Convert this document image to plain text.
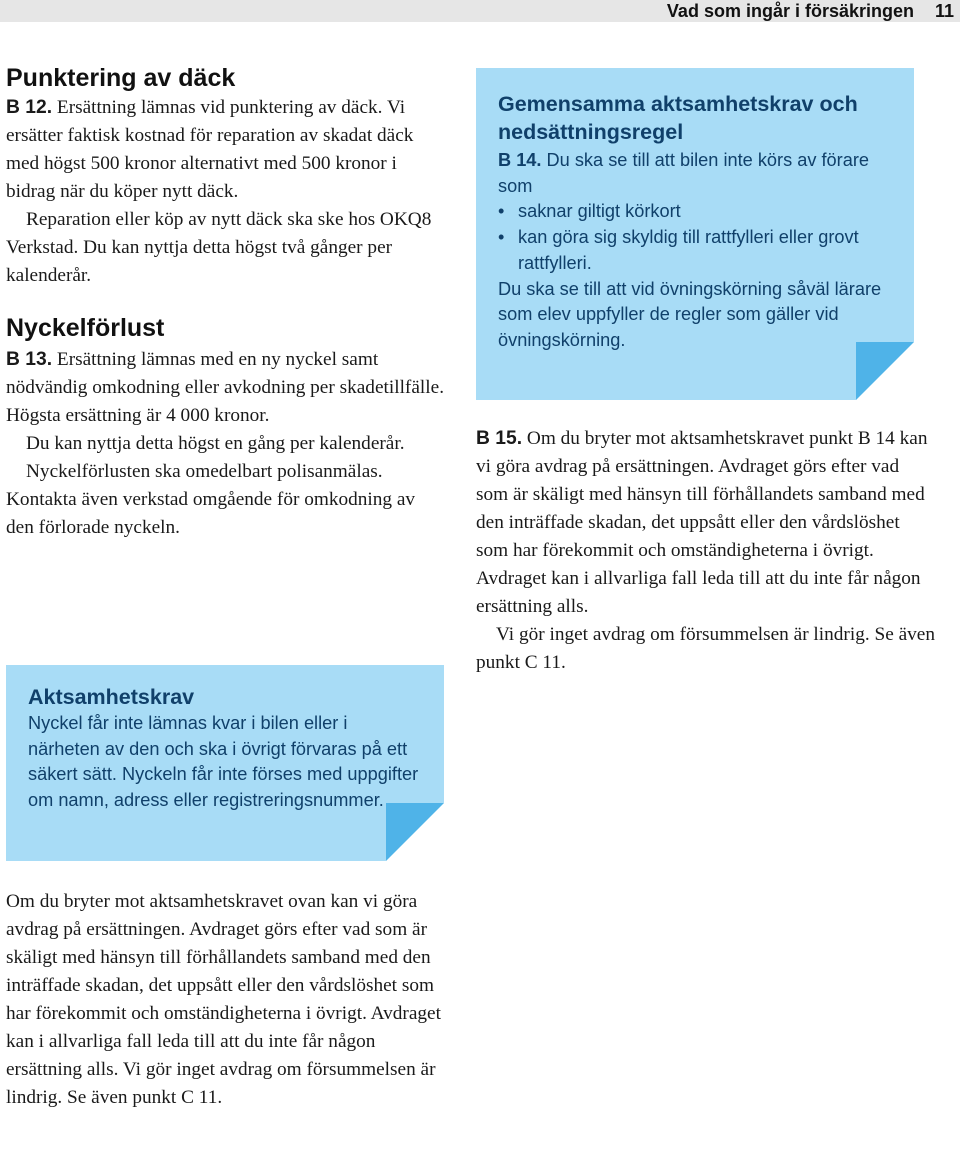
Vad som ingår i försäkringen 11
Punktering av däck

B 12. Ersättning lämnas vid punktering av däck. Vi ersätter faktisk kostnad för reparation av skadat däck med högst 500 kronor alternativt med 500 kronor i bidrag när du köper nytt däck.

Reparation eller köp av nytt däck ska ske hos OKQ8 Verkstad. Du kan nyttja detta högst två gånger per kalenderår.

Nyckelförlust

B 13. Ersättning lämnas med en ny nyckel samt nödvändig omkodning eller avkodning per skadetillfälle. Högsta ersättning är 4 000 kronor.

Du kan nyttja detta högst en gång per kalenderår.

Nyckelförlusten ska omedelbart polisanmälas. Kontakta även verkstad omgående för omkodning av den förlorade nyckeln.

Aktsamhetskrav

Nyckel får inte lämnas kvar i bilen eller i närheten av den och ska i övrigt förvaras på ett säkert sätt. Nyckeln får inte förses med uppgifter om namn, adress eller registreringsnummer.

Om du bryter mot aktsamhetskravet ovan kan vi göra avdrag på ersättningen. Avdraget görs efter vad som är skäligt med hänsyn till förhållandets samband med den inträffade skadan, det uppsått eller den vårdslöshet som har förekommit och omständigheterna i övrigt. Avdraget kan i allvarliga fall leda till att du inte får någon ersättning alls. Vi gör inget avdrag om försummelsen är lindrig. Se även punkt C 11.

Gemensamma aktsamhetskrav och nedsättningsregel

B 14. Du ska se till att bilen inte körs av förare som

• saknar giltigt körkort
• kan göra sig skyldig till rattfylleri eller grovt rattfylleri.

Du ska se till att vid övningskörning såväl lärare som elev uppfyller de regler som gäller vid övningskörning.

B 15. Om du bryter mot aktsamhetskravet punkt B 14 kan vi göra avdrag på ersättningen. Avdraget görs efter vad som är skäligt med hänsyn till förhållandets samband med den inträffade skadan, det uppsått eller den vårdslöshet som har förekommit och omständigheterna i övrigt. Avdraget kan i allvarliga fall leda till att du inte får någon ersättning alls.

Vi gör inget avdrag om försummelsen är lindrig. Se även punkt C 11.
